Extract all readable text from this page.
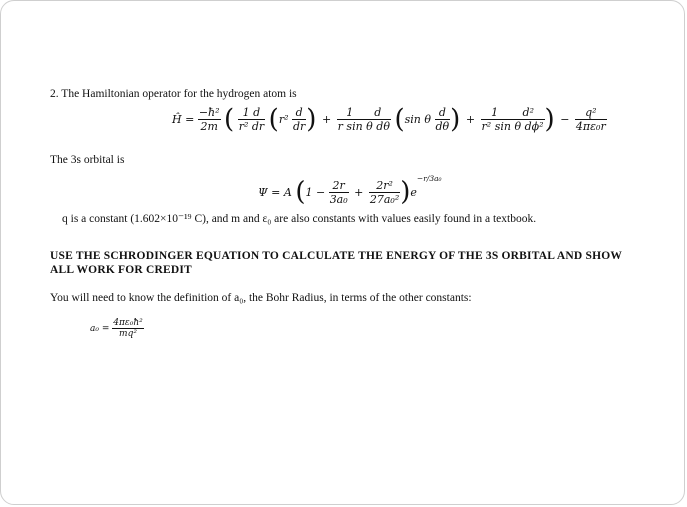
2. The Hamiltonian operator for the hydrogen atom is
Ĥ = $\frac{\text{−ħ²}}{2m}$ ( $\frac{1 d}{\text{r² dr}} (r^2 \frac{d}{dr}$ ) + $\frac{1 d}{\text{r sin θ dθ}} (\sin$ θ $\frac{d}{d\theta}$ ) + $\frac{\text{1 d²}}{\text{r² sin θ dϕ²}}$ ) − $\frac{\text{q²}}{\text{4πε₀r}}$
The 3s orbital is
Ψ = A $(1 - \frac{2r}{\text{3a₀}} + \frac{\text{2r²}}{\text{27a₀²}} )e^{-r/3a_0}$
q is a constant (1.602×10⁻¹⁹ C), and m and ε₀ are also constants with values easily found in a textbook.
USE THE SCHRODINGER EQUATION TO CALCULATE THE ENERGY OF THE 3S ORBITAL AND SHOW
ALL WORK FOR CREDIT
You will need to know the definition of a₀, the Bohr Radius, in terms of the other constants:
$a_0 = \frac{\text{4πε₀ħ²}}{\text{mq²}}$
